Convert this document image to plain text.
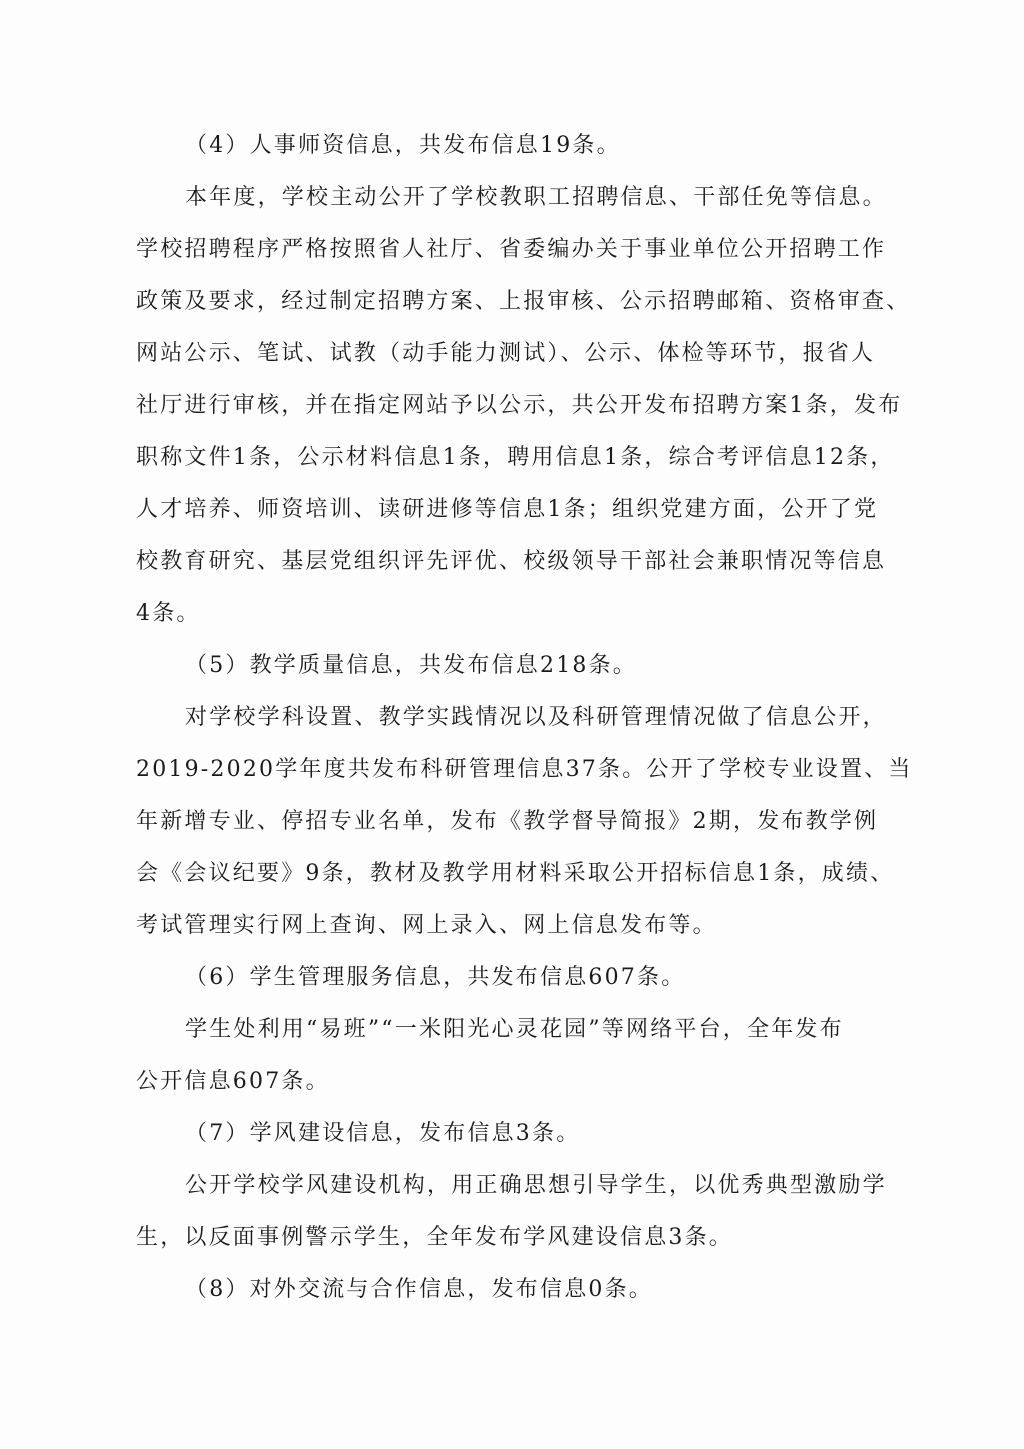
（4）人事师资信息，共发布信息19条。
本年度，学校主动公开了学校教职工招聘信息、干部任免等信息。
学校招聘程序严格按照省人社厅、省委编办关于事业单位公开招聘工作
政策及要求，经过制定招聘方案、上报审核、公示招聘邮箱、资格审查、
网站公示、笔试、试教（动手能力测试）、公示、体检等环节，报省人
社厅进行审核，并在指定网站予以公示，共公开发布招聘方案1条，发布
职称文件1条，公示材料信息1条，聘用信息1条，综合考评信息12条，
人才培养、师资培训、读研进修等信息1条；组织党建方面，公开了党
校教育研究、基层党组织评先评优、校级领导干部社会兼职情况等信息
4条。
（5）教学质量信息，共发布信息218条。
对学校学科设置、教学实践情况以及科研管理情况做了信息公开，
2019-2020学年度共发布科研管理信息37条。公开了学校专业设置、当
年新增专业、停招专业名单，发布《教学督导简报》2期，发布教学例
会《会议纪要》9条，教材及教学用材料采取公开招标信息1条，成绩、
考试管理实行网上查询、网上录入、网上信息发布等。
（6）学生管理服务信息，共发布信息607条。
学生处利用“易班”“一米阳光心灵花园”等网络平台，全年发布
公开信息607条。
（7）学风建设信息，发布信息3条。
公开学校学风建设机构，用正确思想引导学生，以优秀典型激励学
生，以反面事例警示学生，全年发布学风建设信息3条。
（8）对外交流与合作信息，发布信息0条。
